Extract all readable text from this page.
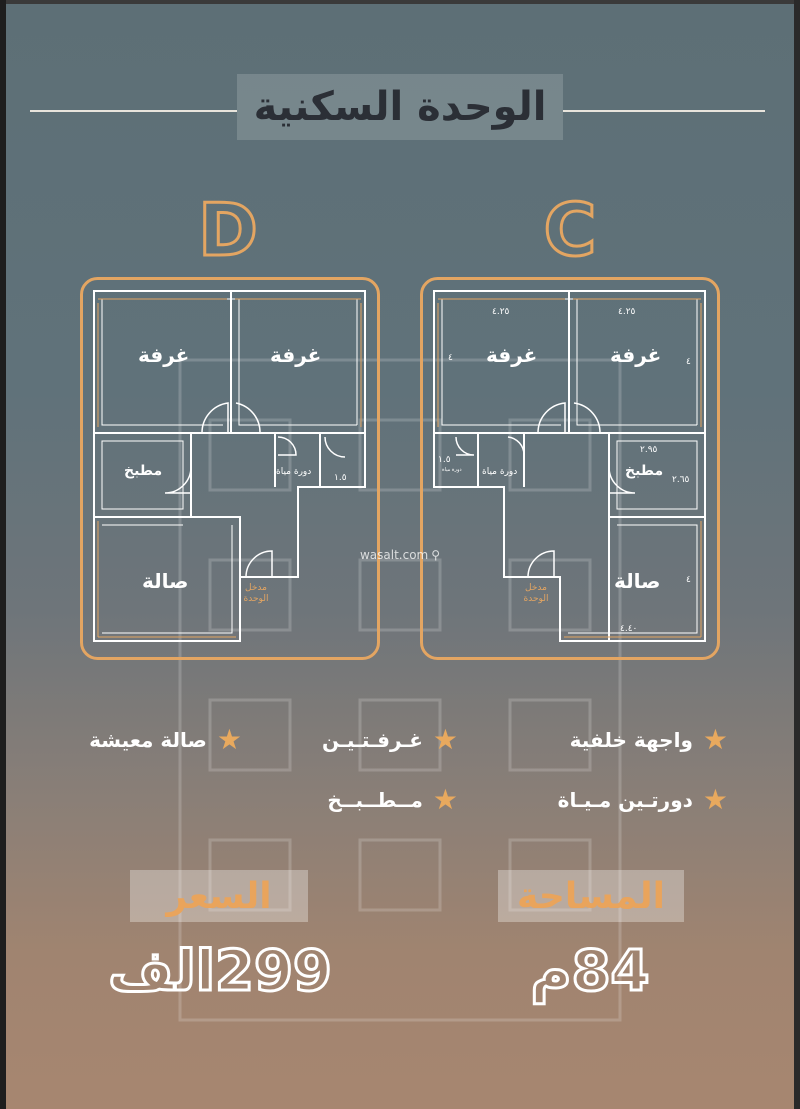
الوحدة السكنية
D	C
غرفة	غرفة
مطبخ	دورة مياة
صالة	مدخل الوحدة
١.٥
٤.٢٥	٤.٢٥
٤	٤
٢.٩٥
٢.٦٥
٤
٤.٤٠
١.٥
غرفة	غرفة
مطبخ
دورة مياة
دورة مياة
صالة
مدخل الوحدة
wasalt.com ⚲
★
واجهة خلفية
★
غـرفـتـيـن
★
صالة معيشة
★
دورتـين مـيـاة
★
مــطــبــخ
المساحة
السعر
84م
299الف
